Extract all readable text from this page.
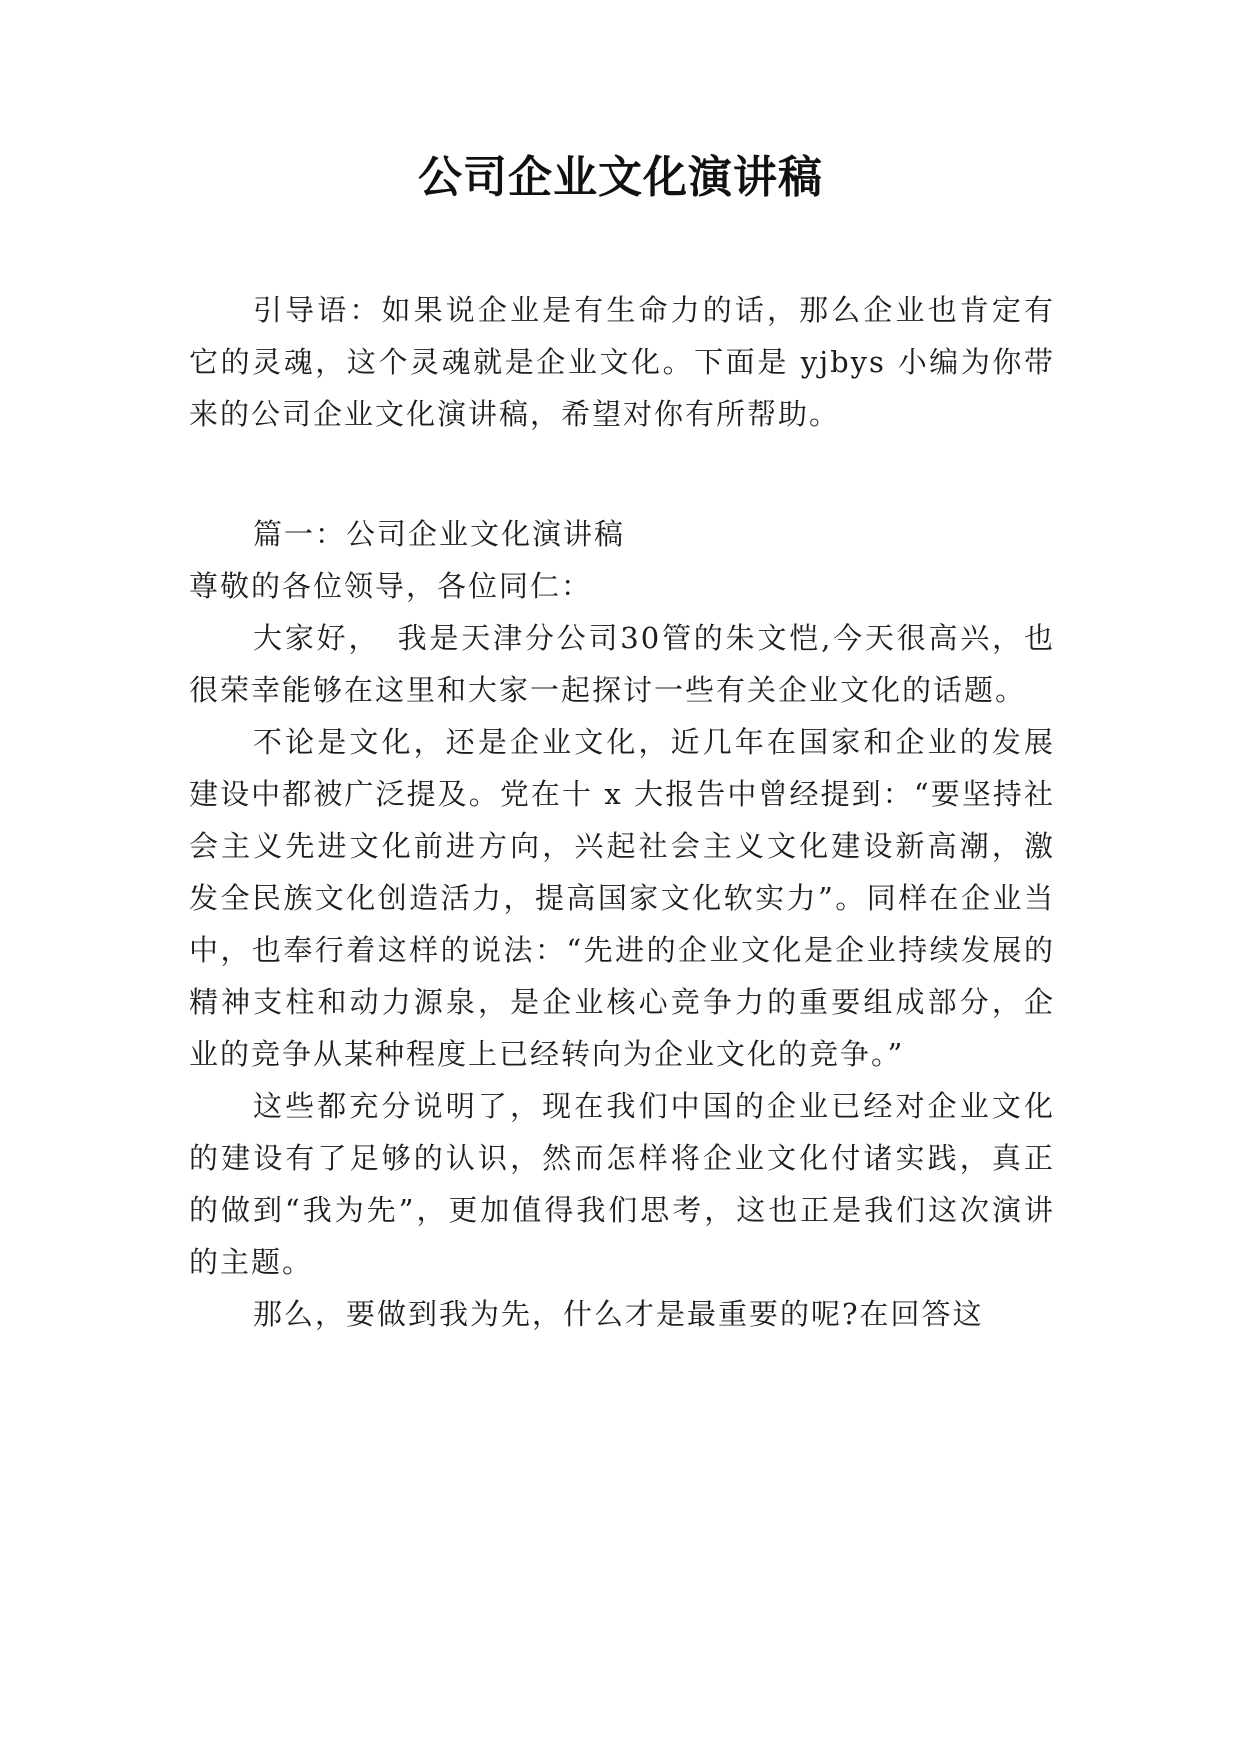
公司企业文化演讲稿

引导语：如果说企业是有生命力的话，那么企业也肯定有它的灵魂，这个灵魂就是企业文化。下面是 yjbys 小编为你带来的公司企业文化演讲稿，希望对你有所帮助。

篇一：公司企业文化演讲稿

尊敬的各位领导，各位同仁：

大家好，　我是天津分公司30管的朱文恺,今天很高兴，也很荣幸能够在这里和大家一起探讨一些有关企业文化的话题。

不论是文化，还是企业文化，近几年在国家和企业的发展建设中都被广泛提及。党在十 x 大报告中曾经提到：“要坚持社会主义先进文化前进方向，兴起社会主义文化建设新高潮，激发全民族文化创造活力，提高国家文化软实力”。同样在企业当中，也奉行着这样的说法：“先进的企业文化是企业持续发展的精神支柱和动力源泉，是企业核心竞争力的重要组成部分，企业的竞争从某种程度上已经转向为企业文化的竞争。”

这些都充分说明了，现在我们中国的企业已经对企业文化的建设有了足够的认识，然而怎样将企业文化付诸实践，真正的做到“我为先”，更加值得我们思考，这也正是我们这次演讲的主题。

那么，要做到我为先，什么才是最重要的呢?在回答这
